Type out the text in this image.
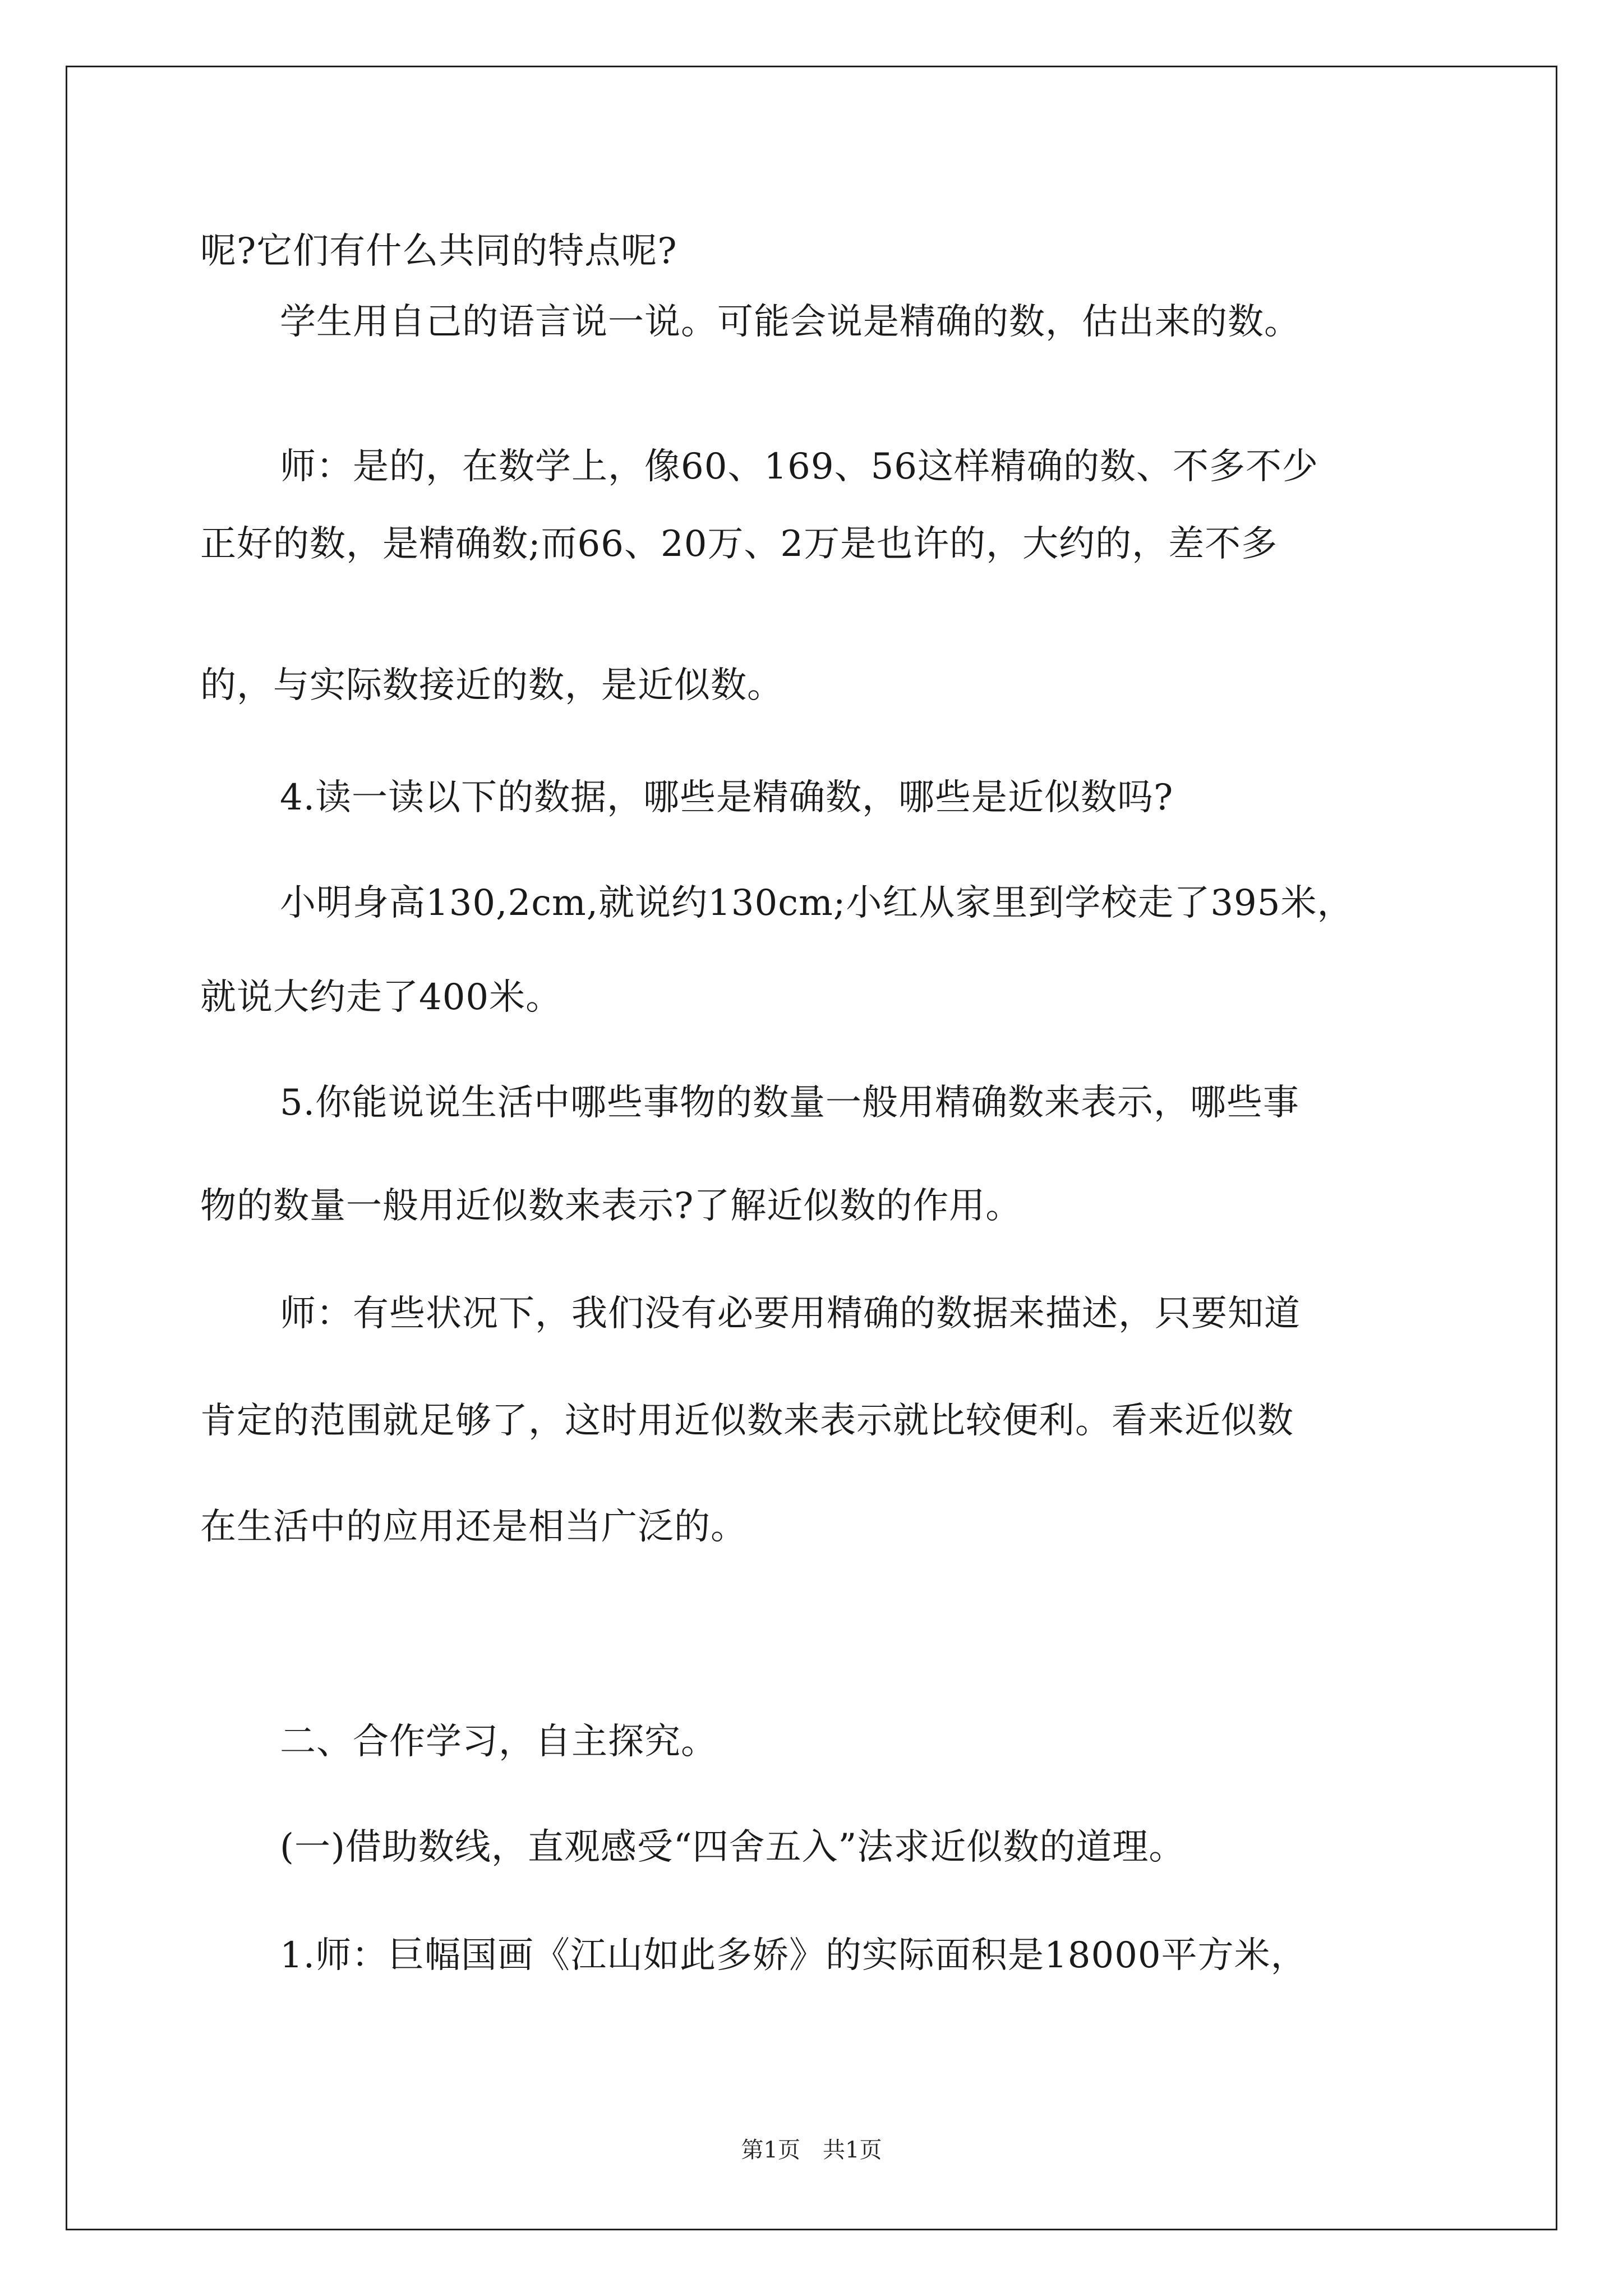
呢?它们有什么共同的特点呢?
学生用自己的语言说一说。可能会说是精确的数，估出来的数。
师：是的，在数学上，像60、169、56这样精确的数、不多不少
正好的数，是精确数;而66、20万、2万是也许的，大约的，差不多
的，与实际数接近的数，是近似数。
4.读一读以下的数据，哪些是精确数，哪些是近似数吗?
小明身高130,2cm,就说约130cm;小红从家里到学校走了395米，
就说大约走了400米。
5.你能说说生活中哪些事物的数量一般用精确数来表示，哪些事
物的数量一般用近似数来表示?了解近似数的作用。
师：有些状况下，我们没有必要用精确的数据来描述，只要知道
肯定的范围就足够了，这时用近似数来表示就比较便利。看来近似数
在生活中的应用还是相当广泛的。
二、合作学习，自主探究。
(一)借助数线，直观感受“四舍五入”法求近似数的道理。
1.师：巨幅国画《江山如此多娇》的实际面积是18000平方米，
第1页　共1页
